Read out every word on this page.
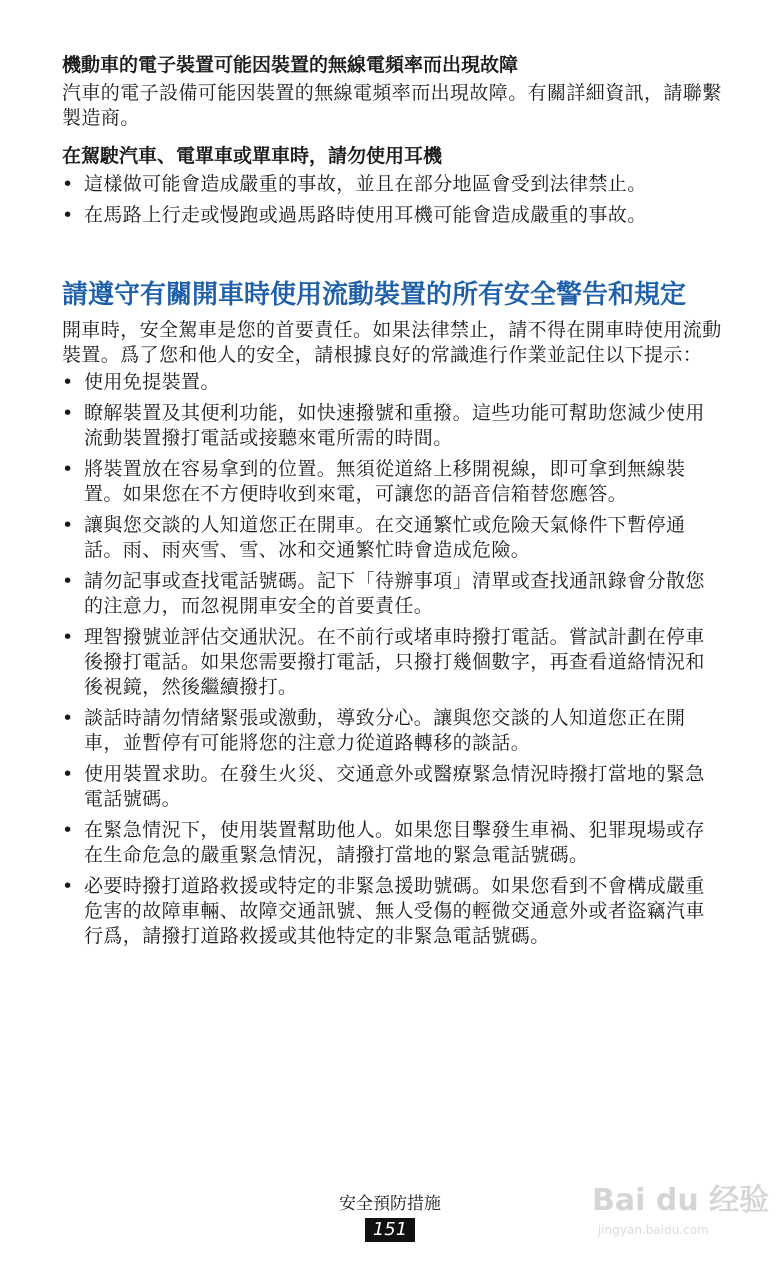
機動車的電子裝置可能因裝置的無線電頻率而出現故障

汽車的電子設備可能因裝置的無線電頻率而出現故障。有關詳細資訊，請聯繫製造商。

在駕駛汽車、電單車或單車時，請勿使用耳機
• 這樣做可能會造成嚴重的事故，並且在部分地區會受到法律禁止。
• 在馬路上行走或慢跑或過馬路時使用耳機可能會造成嚴重的事故。
請遵守有關開車時使用流動裝置的所有安全警告和規定

開車時，安全駕車是您的首要責任。如果法律禁止，請不得在開車時使用流動裝置。爲了您和他人的安全，請根據良好的常識進行作業並記住以下提示：

• 使用免提裝置。
• 瞭解裝置及其便利功能，如快速撥號和重撥。這些功能可幫助您減少使用流動裝置撥打電話或接聽來電所需的時間。
• 將裝置放在容易拿到的位置。無須從道絡上移開視線，即可拿到無線裝置。如果您在不方便時收到來電，可讓您的語音信箱替您應答。
• 讓與您交談的人知道您正在開車。在交通繁忙或危險天氣條件下暫停通話。雨、雨夾雪、雪、冰和交通繁忙時會造成危險。
• 請勿記事或查找電話號碼。記下「待辦事項」清單或查找通訊錄會分散您的注意力，而忽視開車安全的首要責任。
• 理智撥號並評估交通狀況。在不前行或堵車時撥打電話。嘗試計劃在停車後撥打電話。如果您需要撥打電話，只撥打幾個數字，再查看道絡情況和後視鏡，然後繼續撥打。
• 談話時請勿情緒緊張或激動，導致分心。讓與您交談的人知道您正在開車，並暫停有可能將您的注意力從道路轉移的談話。
• 使用裝置求助。在發生火災、交通意外或醫療緊急情況時撥打當地的緊急電話號碼。
• 在緊急情況下，使用裝置幫助他人。如果您目擊發生車禍、犯罪現場或存在生命危急的嚴重緊急情況，請撥打當地的緊急電話號碼。
• 必要時撥打道路救援或特定的非緊急援助號碼。如果您看到不會構成嚴重危害的故障車輛、故障交通訊號、無人受傷的輕微交通意外或者盜竊汽車行爲，請撥打道路救援或其他特定的非緊急電話號碼。
安全預防措施
151
Bai du 经验
jingyan.baidu.com
